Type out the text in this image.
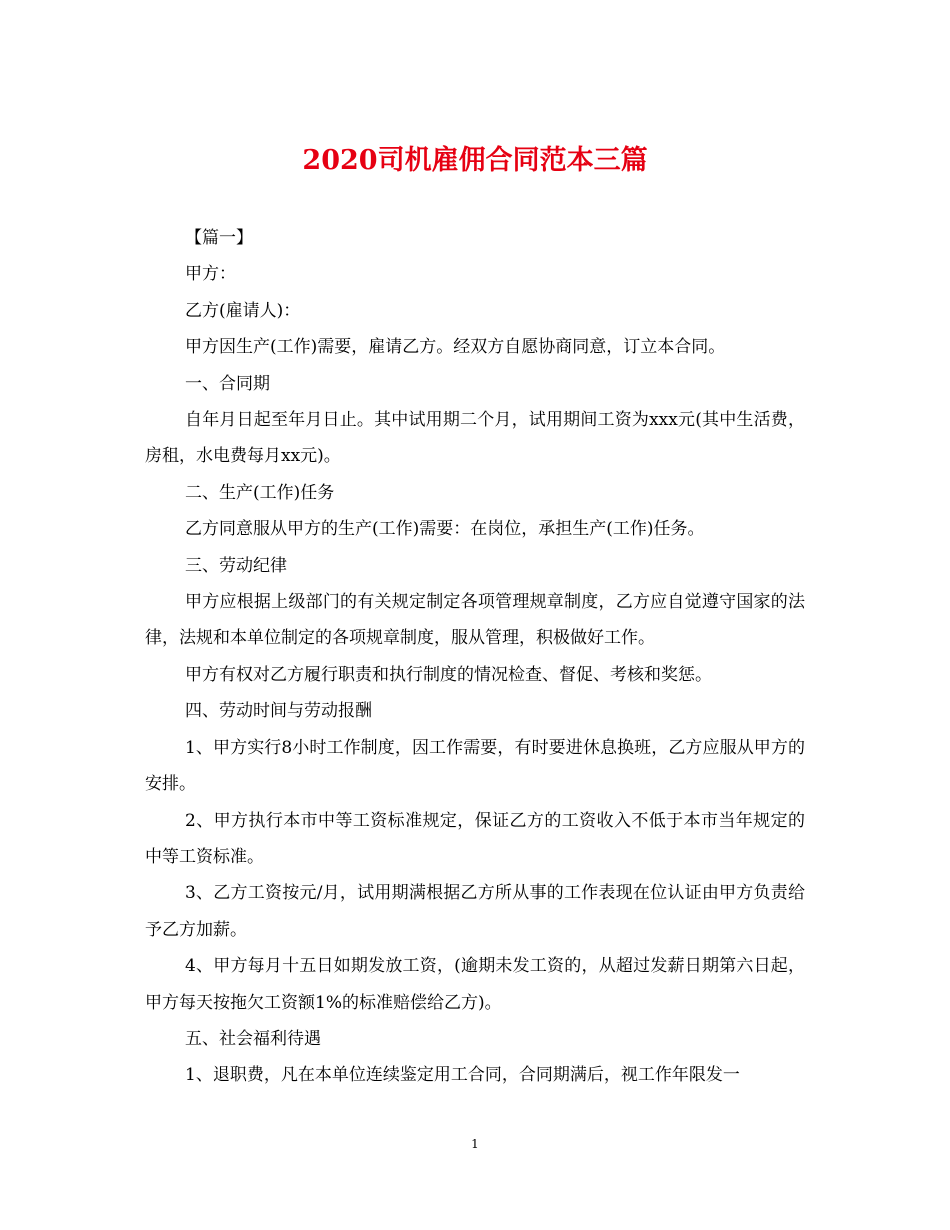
2020司机雇佣合同范本三篇

【篇一】

甲方：

乙方(雇请人)：

甲方因生产(工作)需要，雇请乙方。经双方自愿协商同意，订立本合同。

一、合同期

自年月日起至年月日止。其中试用期二个月，试用期间工资为xxx元(其中生活费，房租，水电费每月xx元)。

二、生产(工作)任务

乙方同意服从甲方的生产(工作)需要：在岗位，承担生产(工作)任务。

三、劳动纪律

甲方应根据上级部门的有关规定制定各项管理规章制度，乙方应自觉遵守国家的法律，法规和本单位制定的各项规章制度，服从管理，积极做好工作。

甲方有权对乙方履行职责和执行制度的情况检查、督促、考核和奖惩。

四、劳动时间与劳动报酬

1、甲方实行8小时工作制度，因工作需要，有时要进休息换班，乙方应服从甲方的安排。

2、甲方执行本市中等工资标准规定，保证乙方的工资收入不低于本市当年规定的中等工资标准。

3、乙方工资按元/月，试用期满根据乙方所从事的工作表现在位认证由甲方负责给予乙方加薪。

4、甲方每月十五日如期发放工资，(逾期未发工资的，从超过发薪日期第六日起，甲方每天按拖欠工资额1%的标准赔偿给乙方)。

五、社会福利待遇

1、退职费，凡在本单位连续鉴定用工合同，合同期满后，视工作年限发一

1
